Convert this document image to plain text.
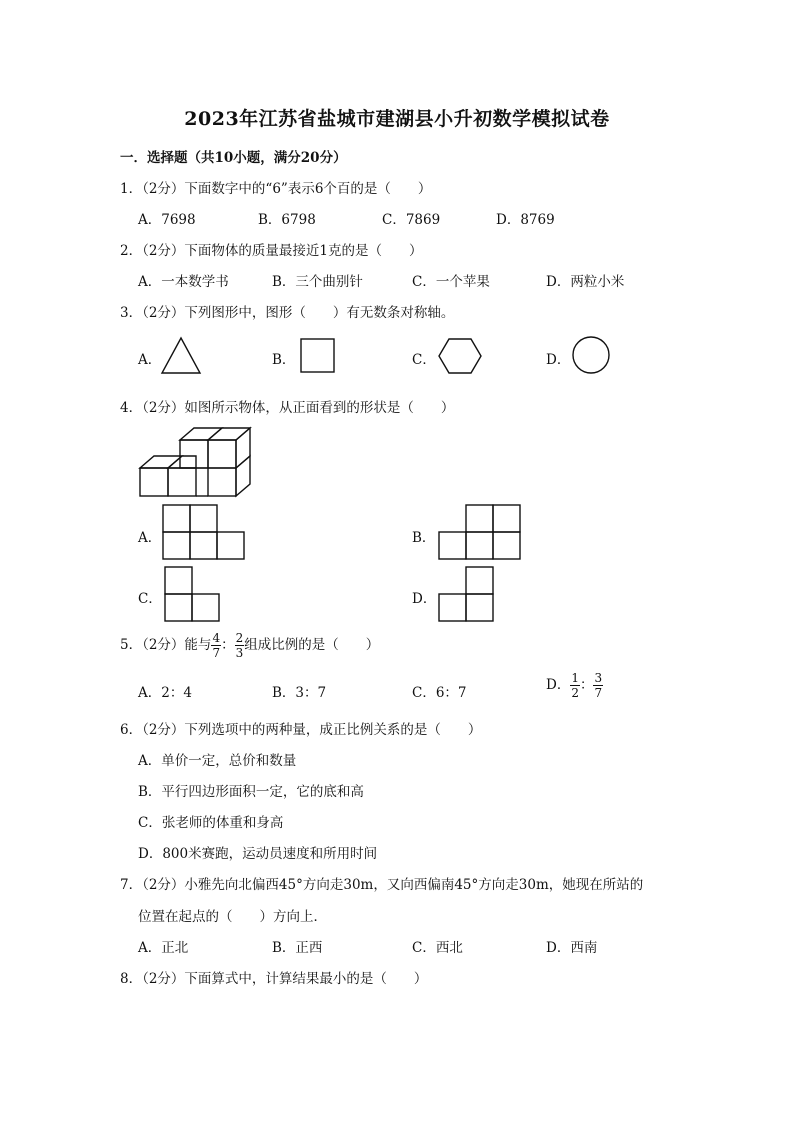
2023年江苏省盐城市建湖县小升初数学模拟试卷
一．选择题（共10小题，满分20分）
1．（2分）下面数字中的“6”表示6个百的是（　　）
A．7698	B．6798	C．7869	D．8769
2．（2分）下面物体的质量最接近1克的是（　　）
A．一本数学书	B．三个曲别针	C．一个苹果	D．两粒小米
3．（2分）下列图形中，图形（　　）有无数条对称轴。
A．	B．	C．	D．
4．（2分）如图所示物体，从正面看到的形状是（　　）
A．	B．
C．	D．
5．（2分）能与 $\frac{4}{7}$ ： $\frac{2}{3}$ 组成比例的是（　　）
A．2：4	B．3：7	C．6：7	D． $\frac{1}{2}$ ： $\frac{3}{7}$
6．（2分）下列选项中的两种量，成正比例关系的是（　　）
A．单价一定，总价和数量
B．平行四边形面积一定，它的底和高
C．张老师的体重和身高
D．800米赛跑，运动员速度和所用时间
7．（2分）小雅先向北偏西45°方向走30m，又向西偏南45°方向走30m，她现在所站的
位置在起点的（　　）方向上．
A．正北	B．正西	C．西北	D．西南
8．（2分）下面算式中，计算结果最小的是（　　）
